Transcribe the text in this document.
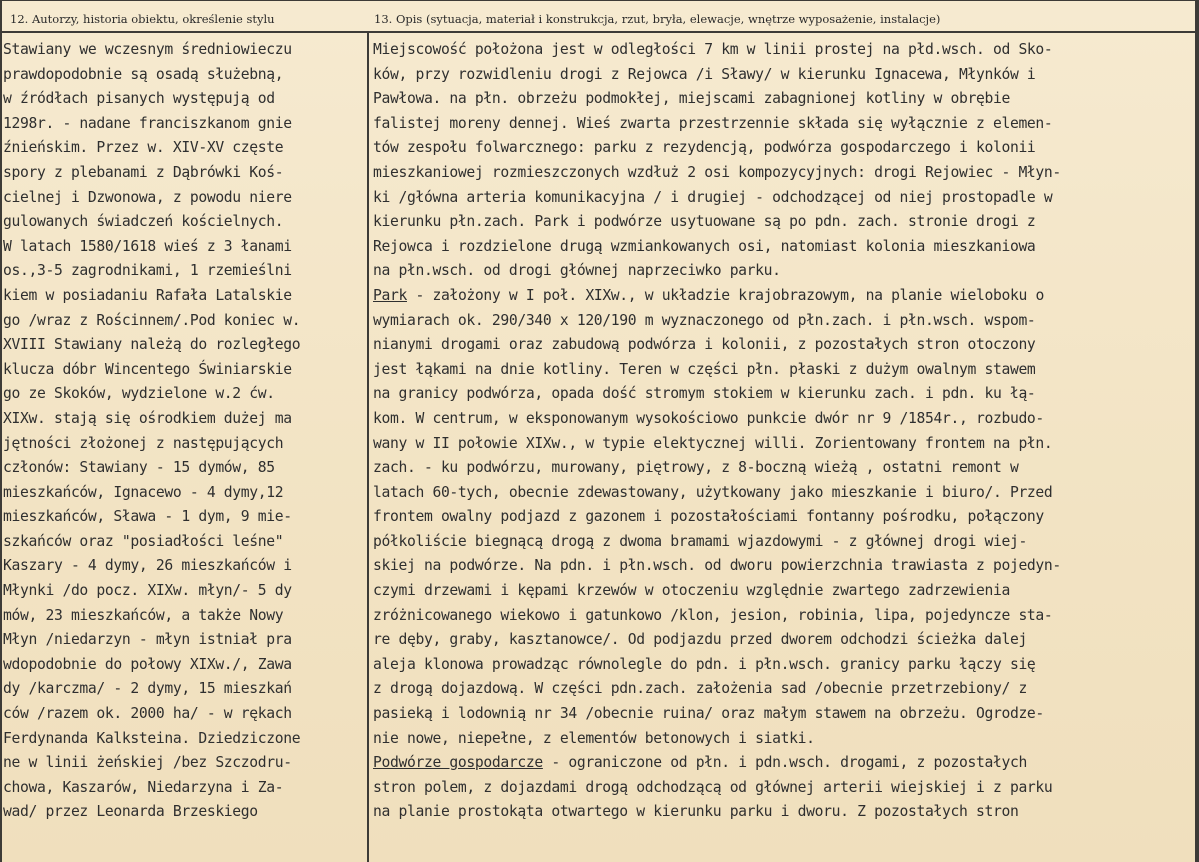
12. Autorzy, historia obiektu, określenie stylu	13. Opis (sytuacja, materiał i konstrukcja, rzut, bryła, elewacje, wnętrze wyposażenie, instalacje)
Stawiany we wczesnym średniowieczu
prawdopodobnie są osadą służebną,
w źródłach pisanych występują od
1298r. - nadane franciszkanom gnie
źnieńskim. Przez w. XIV-XV częste
spory z plebanami z Dąbrówki Koś-
cielnej i Dzwonowa, z powodu niere
gulowanych świadczeń kościelnych.
W latach 1580/1618 wieś z 3 łanami
os.,3-5 zagrodnikami, 1 rzemieślni
kiem w posiadaniu Rafała Latalskie
go /wraz z Rościnnem/.Pod koniec w.
XVIII Stawiany należą do rozległego
klucza dóbr Wincentego Świniarskie
go ze Skoków, wydzielone w.2 ćw.
XIXw. stają się ośrodkiem dużej ma
jętności złożonej z następujących
członów: Stawiany - 15 dymów, 85
mieszkańców, Ignacewo - 4 dymy,12
mieszkańców, Sława - 1 dym, 9 mie-
szkańców oraz "posiadłości leśne"
Kaszary - 4 dymy, 26 mieszkańców i
Młynki /do pocz. XIXw. młyn/- 5 dy
mów, 23 mieszkańców, a także Nowy
Młyn /niedarzyn - młyn istniał pra
wdopodobnie do połowy XIXw./, Zawa
dy /karczma/ - 2 dymy, 15 mieszkań
ców /razem ok. 2000 ha/ - w rękach
Ferdynanda Kalksteina. Dziedziczone
ne w linii żeńskiej /bez Szczodru-
chowa, Kaszarów, Niedarzyna i Za-
wad/ przez Leonarda Brzeskiego
Miejscowość położona jest w odległości 7 km w linii prostej na płd.wsch. od Sko-
ków, przy rozwidleniu drogi z Rejowca /i Sławy/ w kierunku Ignacewa, Młynków i
Pawłowa. na płn. obrzeżu podmokłej, miejscami zabagnionej kotliny w obrębie
falistej moreny dennej. Wieś zwarta przestrzennie składa się wyłącznie z elemen-
tów zespołu folwarcznego: parku z rezydencją, podwórza gospodarczego i kolonii
mieszkaniowej rozmieszczonych wzdłuż 2 osi kompozycyjnych: drogi Rejowiec - Młyn-
ki /główna arteria komunikacyjna / i drugiej - odchodzącej od niej prostopadle w
kierunku płn.zach. Park i podwórze usytuowane są po pdn. zach. stronie drogi z
Rejowca i rozdzielone drugą wzmiankowanych osi, natomiast kolonia mieszkaniowa
na płn.wsch. od drogi głównej naprzeciwko parku.
Park - założony w I poł. XIXw., w układzie krajobrazowym, na planie wieloboku o
wymiarach ok. 290/340 x 120/190 m wyznaczonego od płn.zach. i płn.wsch. wspom-
nianymi drogami oraz zabudową podwórza i kolonii, z pozostałych stron otoczony
jest łąkami na dnie kotliny. Teren w części płn. płaski z dużym owalnym stawem
na granicy podwórza, opada dość stromym stokiem w kierunku zach. i pdn. ku łą-
kom. W centrum, w eksponowanym wysokościowo punkcie dwór nr 9 /1854r., rozbudo-
wany w II połowie XIXw., w typie elektycznej willi. Zorientowany frontem na płn.
zach. - ku podwórzu, murowany, piętrowy, z 8-boczną wieżą , ostatni remont w
latach 60-tych, obecnie zdewastowany, użytkowany jako mieszkanie i biuro/. Przed
frontem owalny podjazd z gazonem i pozostałościami fontanny pośrodku, połączony
półkoliście biegnącą drogą z dwoma bramami wjazdowymi - z głównej drogi wiej-
skiej na podwórze. Na pdn. i płn.wsch. od dworu powierzchnia trawiasta z pojedyn-
czymi drzewami i kępami krzewów w otoczeniu względnie zwartego zadrzewienia
zróżnicowanego wiekowo i gatunkowo /klon, jesion, robinia, lipa, pojedyncze sta-
re dęby, graby, kasztanowce/. Od podjazdu przed dworem odchodzi ścieżka dalej
aleja klonowa prowadząc równolegle do pdn. i płn.wsch. granicy parku łączy się
z drogą dojazdową. W części pdn.zach. założenia sad /obecnie przetrzebiony/ z
pasieką i lodownią nr 34 /obecnie ruina/ oraz małym stawem na obrzeżu. Ogrodze-
nie nowe, niepełne, z elementów betonowych i siatki.
Podwórze gospodarcze - ograniczone od płn. i pdn.wsch. drogami, z pozostałych
stron polem, z dojazdami drogą odchodzącą od głównej arterii wiejskiej i z parku
na planie prostokąta otwartego w kierunku parku i dworu. Z pozostałych stron
